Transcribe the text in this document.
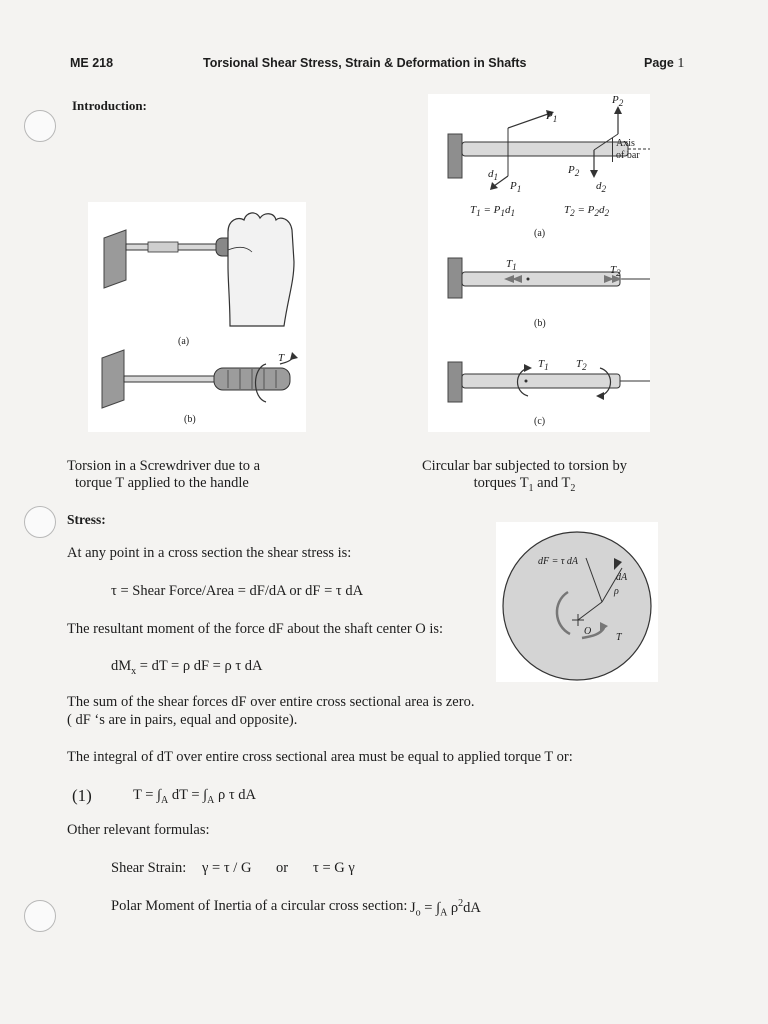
ME 218	Torsional Shear Stress, Strain & Deformation in Shafts	Page 1
Introduction:
(a)
(b)
T
$P_1$
$P_2$
Axis
of bar
$d_1$
$P_1$
$P_2$
$d_2$
$T_1 = P_1d_1$	$T_2 = P_2d_2$
(a)
$T_1$	$T_2$
(b)
$T_1$ $T_2$
(c)
Torsion in a Screwdriver due to a
torque T applied to the handle
Circular bar subjected to torsion by
torques $T_1$ and $T_2$
Stress:
dF = τ dA
dA
ρ
O
T
At any point in a cross section the shear stress is:
τ = Shear Force/Area = dF/dA or dF = τ dA
The resultant moment of the force dF about the shaft center O is:
$dM_x$ = dT = ρ dF = ρ τ dA
The sum of the shear forces dF over entire cross sectional area is zero.
( dF ‘s are in pairs, equal and opposite).
The integral of dT over entire cross sectional area must be equal to applied torque T or:
(1)	$T = \int_A$ dT = $\int_A$ ρ τ dA
Other relevant formulas:
Shear Strain: γ = τ / G or τ = G γ
Polar Moment of Inertia of a circular cross section: $J_o = \int_A$ $\rho^2dA$
